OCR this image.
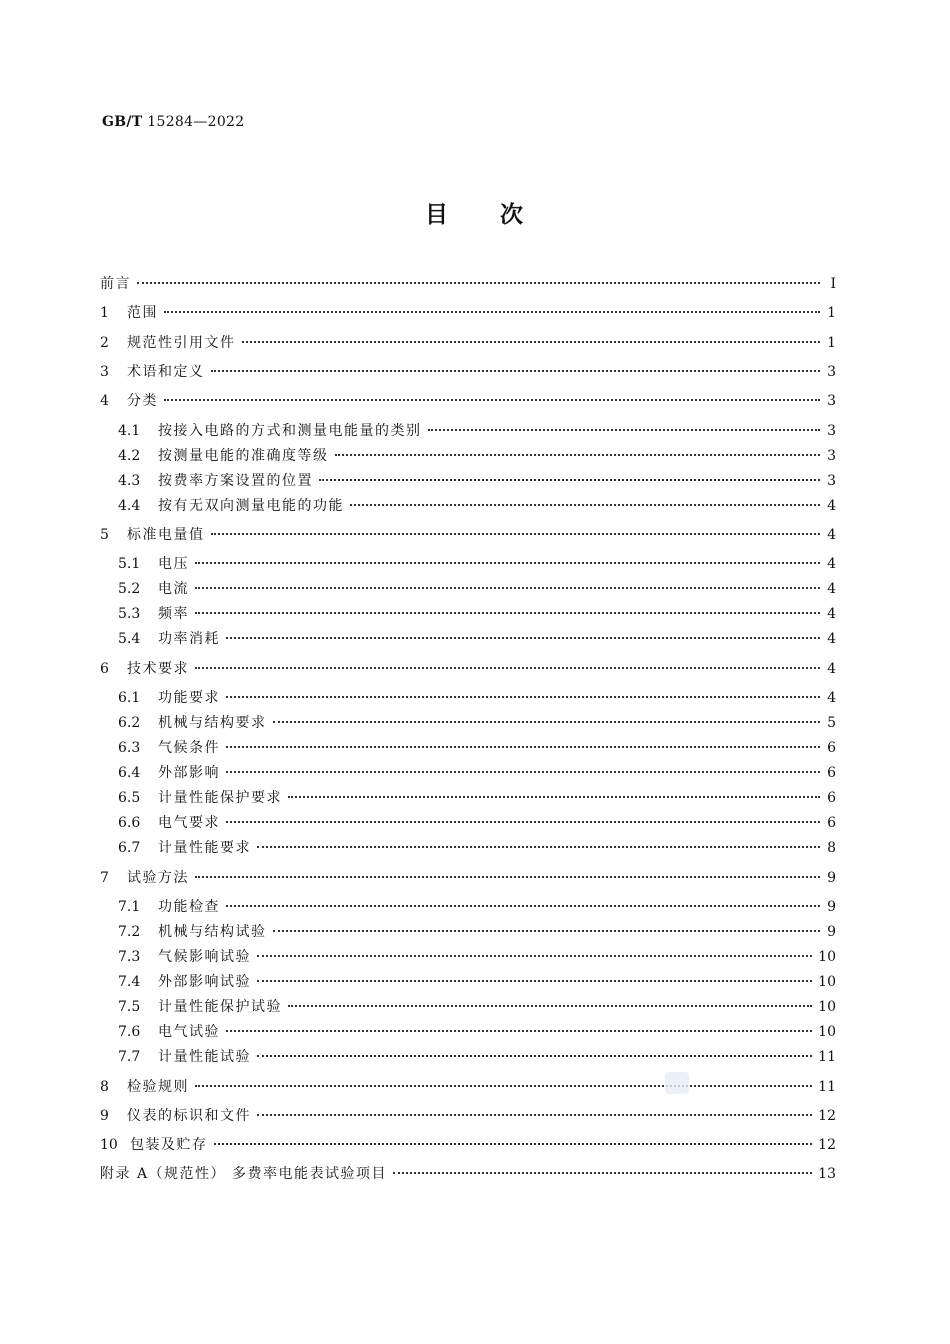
GB/T 15284—2022
目 次
前言	Ⅰ
1	范围	1
2	规范性引用文件	1
3	术语和定义	3
4	分类	3
4.1	按接入电路的方式和测量电能量的类别	3
4.2	按测量电能的准确度等级	3
4.3	按费率方案设置的位置	3
4.4	按有无双向测量电能的功能	4
5	标准电量值	4
5.1	电压	4
5.2	电流	4
5.3	频率	4
5.4	功率消耗	4
6	技术要求	4
6.1	功能要求	4
6.2	机械与结构要求	5
6.3	气候条件	6
6.4	外部影响	6
6.5	计量性能保护要求	6
6.6	电气要求	6
6.7	计量性能要求	8
7	试验方法	9
7.1	功能检查	9
7.2	机械与结构试验	9
7.3	气候影响试验	10
7.4	外部影响试验	10
7.5	计量性能保护试验	10
7.6	电气试验	10
7.7	计量性能试验	11
8	检验规则	11
9	仪表的标识和文件	12
10 包装及贮存	12
附录 A（规范性） 多费率电能表试验项目	13
